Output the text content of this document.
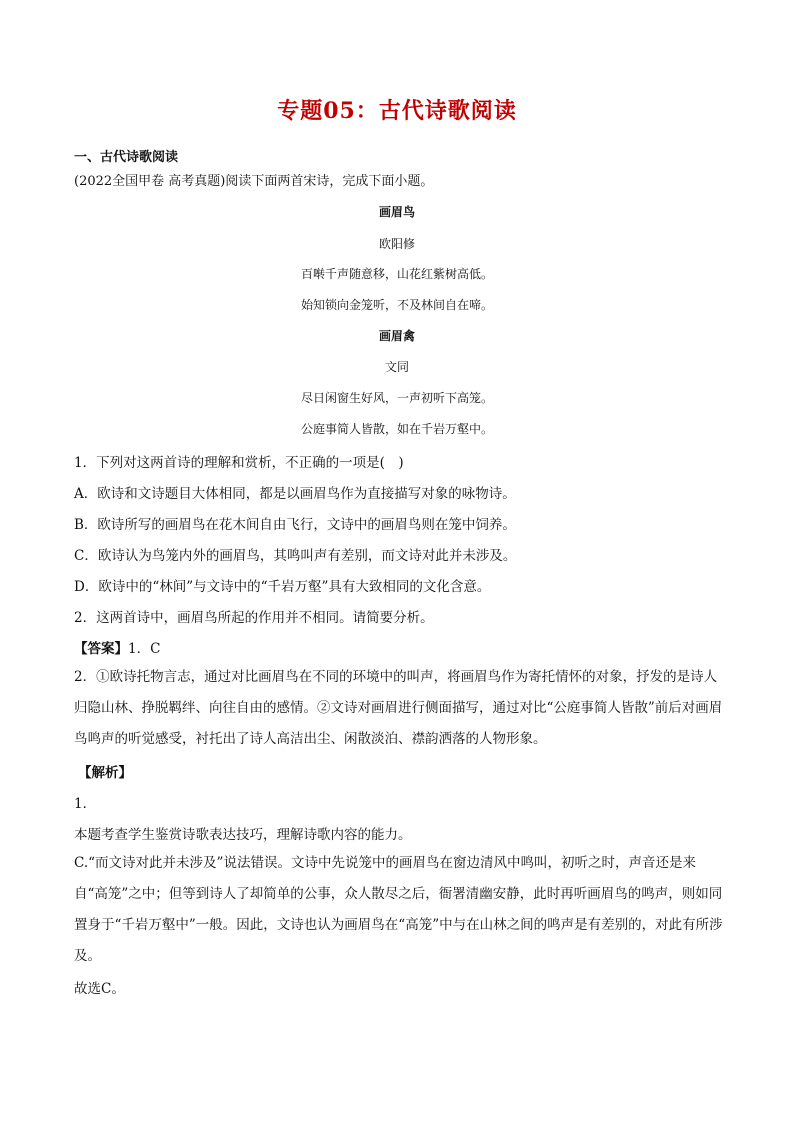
专题05：古代诗歌阅读
一、古代诗歌阅读
(2022全国甲卷 高考真题)阅读下面两首宋诗，完成下面小题。
画眉鸟
欧阳修
百啭千声随意移，山花红紫树高低。
始知锁向金笼听，不及林间自在啼。
画眉禽
文同
尽日闲窗生好风，一声初听下高笼。
公庭事简人皆散，如在千岩万壑中。
1．下列对这两首诗的理解和赏析，不正确的一项是(　)
A．欧诗和文诗题目大体相同，都是以画眉鸟作为直接描写对象的咏物诗。
B．欧诗所写的画眉鸟在花木间自由飞行，文诗中的画眉鸟则在笼中饲养。
C．欧诗认为鸟笼内外的画眉鸟，其鸣叫声有差别，而文诗对此并未涉及。
D．欧诗中的“林间”与文诗中的“千岩万壑”具有大致相同的文化含意。
2．这两首诗中，画眉鸟所起的作用并不相同。请简要分析。
【答案】1．C
2．①欧诗托物言志，通过对比画眉鸟在不同的环境中的叫声，将画眉鸟作为寄托情怀的对象，抒发的是诗人归隐山林、挣脱羁绊、向往自由的感情。②文诗对画眉进行侧面描写，通过对比“公庭事简人皆散”前后对画眉鸟鸣声的听觉感受，衬托出了诗人高洁出尘、闲散淡泊、襟韵洒落的人物形象。
【解析】
1．
本题考查学生鉴赏诗歌表达技巧，理解诗歌内容的能力。
C.“而文诗对此并未涉及”说法错误。文诗中先说笼中的画眉鸟在窗边清风中鸣叫，初听之时，声音还是来自“高笼”之中；但等到诗人了却简单的公事，众人散尽之后，衙署清幽安静，此时再听画眉鸟的鸣声，则如同置身于“千岩万壑中”一般。因此，文诗也认为画眉鸟在“高笼”中与在山林之间的鸣声是有差别的，对此有所涉及。
故选C。
